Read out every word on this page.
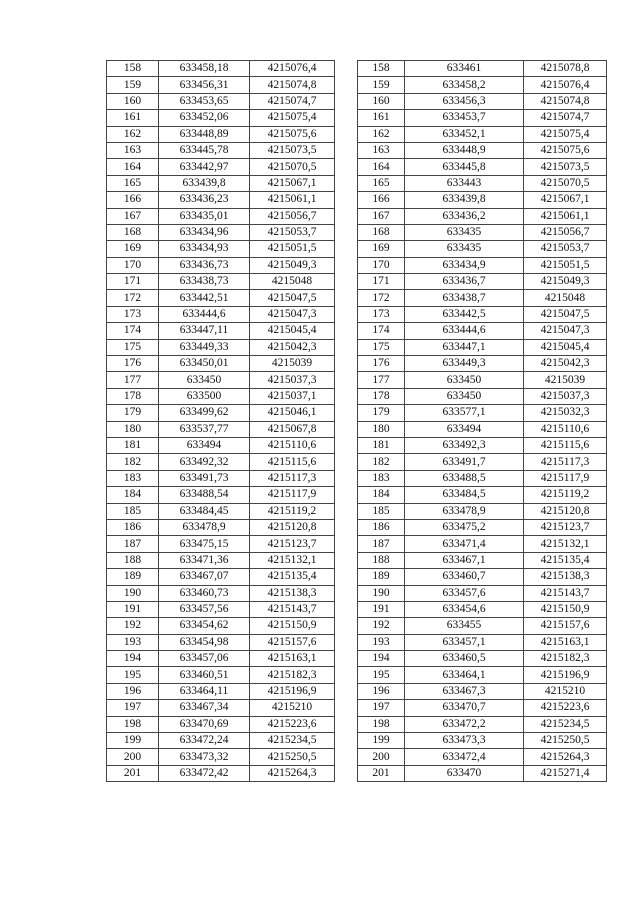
158	633458,18	4215076,4
159	633456,31	4215074,8
160	633453,65	4215074,7
161	633452,06	4215075,4
162	633448,89	4215075,6
163	633445,78	4215073,5
164	633442,97	4215070,5
165	633439,8	4215067,1
166	633436,23	4215061,1
167	633435,01	4215056,7
168	633434,96	4215053,7
169	633434,93	4215051,5
170	633436,73	4215049,3
171	633438,73	4215048
172	633442,51	4215047,5
173	633444,6	4215047,3
174	633447,11	4215045,4
175	633449,33	4215042,3
176	633450,01	4215039
177	633450	4215037,3
178	633500	4215037,1
179	633499,62	4215046,1
180	633537,77	4215067,8
181	633494	4215110,6
182	633492,32	4215115,6
183	633491,73	4215117,3
184	633488,54	4215117,9
185	633484,45	4215119,2
186	633478,9	4215120,8
187	633475,15	4215123,7
188	633471,36	4215132,1
189	633467,07	4215135,4
190	633460,73	4215138,3
191	633457,56	4215143,7
192	633454,62	4215150,9
193	633454,98	4215157,6
194	633457,06	4215163,1
195	633460,51	4215182,3
196	633464,11	4215196,9
197	633467,34	4215210
198	633470,69	4215223,6
199	633472,24	4215234,5
200	633473,32	4215250,5
201	633472,42	4215264,3
158	633461	4215078,8
159	633458,2	4215076,4
160	633456,3	4215074,8
161	633453,7	4215074,7
162	633452,1	4215075,4
163	633448,9	4215075,6
164	633445,8	4215073,5
165	633443	4215070,5
166	633439,8	4215067,1
167	633436,2	4215061,1
168	633435	4215056,7
169	633435	4215053,7
170	633434,9	4215051,5
171	633436,7	4215049,3
172	633438,7	4215048
173	633442,5	4215047,5
174	633444,6	4215047,3
175	633447,1	4215045,4
176	633449,3	4215042,3
177	633450	4215039
178	633450	4215037,3
179	633577,1	4215032,3
180	633494	4215110,6
181	633492,3	4215115,6
182	633491,7	4215117,3
183	633488,5	4215117,9
184	633484,5	4215119,2
185	633478,9	4215120,8
186	633475,2	4215123,7
187	633471,4	4215132,1
188	633467,1	4215135,4
189	633460,7	4215138,3
190	633457,6	4215143,7
191	633454,6	4215150,9
192	633455	4215157,6
193	633457,1	4215163,1
194	633460,5	4215182,3
195	633464,1	4215196,9
196	633467,3	4215210
197	633470,7	4215223,6
198	633472,2	4215234,5
199	633473,3	4215250,5
200	633472,4	4215264,3
201	633470	4215271,4
